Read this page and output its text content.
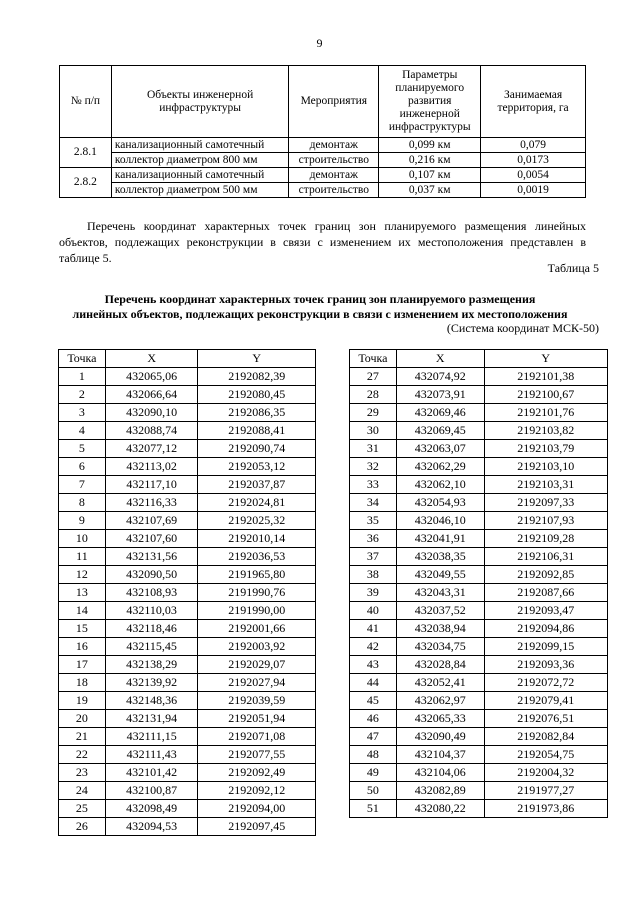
9
№ п/п	Объекты инженерной инфраструктуры	Мероприятия	Параметры планируемого развития инженерной инфраструктуры	Занимаемая территория, га
2.8.1	канализационный самотечный	демонтаж	0,099 км	0,079
	коллектор диаметром 800 мм	строительство	0,216 км	0,0173
2.8.2	канализационный самотечный	демонтаж	0,107 км	0,0054
	коллектор диаметром 500 мм	строительство	0,037 км	0,0019
Перечень координат характерных точек границ зон планируемого размещения линейных объектов, подлежащих реконструкции в связи с изменением их местоположения представлен в таблице 5.
Таблица 5
Перечень координат характерных точек границ зон планируемого размещения
линейных объектов, подлежащих реконструкции в связи с изменением их местоположения
(Система координат МСК-50)
Точка	X	Y
1	432065,06	2192082,39
2	432066,64	2192080,45
3	432090,10	2192086,35
4	432088,74	2192088,41
5	432077,12	2192090,74
6	432113,02	2192053,12
7	432117,10	2192037,87
8	432116,33	2192024,81
9	432107,69	2192025,32
10	432107,60	2192010,14
11	432131,56	2192036,53
12	432090,50	2191965,80
13	432108,93	2191990,76
14	432110,03	2191990,00
15	432118,46	2192001,66
16	432115,45	2192003,92
17	432138,29	2192029,07
18	432139,92	2192027,94
19	432148,36	2192039,59
20	432131,94	2192051,94
21	432111,15	2192071,08
22	432111,43	2192077,55
23	432101,42	2192092,49
24	432100,87	2192092,12
25	432098,49	2192094,00
26	432094,53	2192097,45
Точка	X	Y
27	432074,92	2192101,38
28	432073,91	2192100,67
29	432069,46	2192101,76
30	432069,45	2192103,82
31	432063,07	2192103,79
32	432062,29	2192103,10
33	432062,10	2192103,31
34	432054,93	2192097,33
35	432046,10	2192107,93
36	432041,91	2192109,28
37	432038,35	2192106,31
38	432049,55	2192092,85
39	432043,31	2192087,66
40	432037,52	2192093,47
41	432038,94	2192094,86
42	432034,75	2192099,15
43	432028,84	2192093,36
44	432052,41	2192072,72
45	432062,97	2192079,41
46	432065,33	2192076,51
47	432090,49	2192082,84
48	432104,37	2192054,75
49	432104,06	2192004,32
50	432082,89	2191977,27
51	432080,22	2191973,86
